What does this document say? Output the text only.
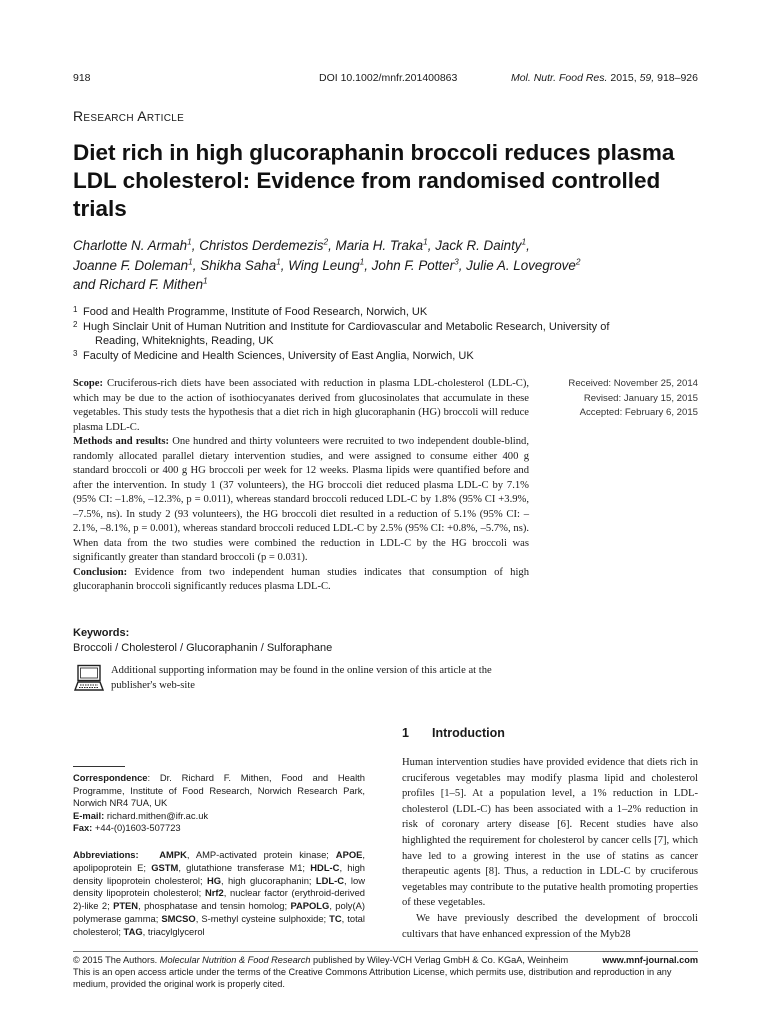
918	DOI 10.1002/mnfr.201400863	Mol. Nutr. Food Res. 2015, 59, 918–926
Research Article
Diet rich in high glucoraphanin broccoli reduces plasma LDL cholesterol: Evidence from randomised controlled trials
Charlotte N. Armah$^1$, Christos Derdemezis$^2$, Maria H. Traka$^1$, Jack R. Dainty$^1$,
Joanne F. Doleman$^1$, Shikha Saha$^1$, Wing Leung$^1$, John F. Potter$^3$, Julie A. Lovegrove$^2$
and Richard F. Mithen$^1$
1 Food and Health Programme, Institute of Food Research, Norwich, UK
2 Hugh Sinclair Unit of Human Nutrition and Institute for Cardiovascular and Metabolic Research, University of
Reading, Whiteknights, Reading, UK
3 Faculty of Medicine and Health Sciences, University of East Anglia, Norwich, UK

Scope: Cruciferous-rich diets have been associated with reduction in plasma LDL-cholesterol (LDL-C), which may be due to the action of isothiocyanates derived from glucosinolates that accumulate in these vegetables. This study tests the hypothesis that a diet rich in high glucoraphanin (HG) broccoli will reduce plasma LDL-C.

Methods and results: One hundred and thirty volunteers were recruited to two independent double-blind, randomly allocated parallel dietary intervention studies, and were assigned to consume either 400 g standard broccoli or 400 g HG broccoli per week for 12 weeks. Plasma lipids were quantified before and after the intervention. In study 1 (37 volunteers), the HG broccoli diet reduced plasma LDL-C by 7.1% (95% CI: –1.8%, –12.3%, p = 0.011), whereas standard broccoli reduced LDL-C by 1.8% (95% CI +3.9%, –7.5%, ns). In study 2 (93 volunteers), the HG broccoli diet resulted in a reduction of 5.1% (95% CI: –2.1%, –8.1%, p = 0.001), whereas standard broccoli reduced LDL-C by 2.5% (95% CI: +0.8%, –5.7%, ns). When data from the two studies were combined the reduction in LDL-C by the HG broccoli was significantly greater than standard broccoli (p = 0.031).

Conclusion: Evidence from two independent human studies indicates that consumption of high glucoraphanin broccoli significantly reduces plasma LDL-C.

Received: November 25, 2014
Revised: January 15, 2015
Accepted: February 6, 2015
Keywords:
Broccoli / Cholesterol / Glucoraphanin / Sulforaphane
Additional supporting information may be found in the online version of this article at the publisher's web-site
1 Introduction

Human intervention studies have provided evidence that diets rich in cruciferous vegetables may modify plasma lipid and cholesterol profiles [1–5]. At a population level, a 1% reduction in LDL-cholesterol (LDL-C) has been associated with a 1–2% reduction in risk of coronary artery disease [6]. Recent studies have also highlighted the requirement for cholesterol by cancer cells [7], which have led to a growing interest in the use of statins as cancer therapeutic agents [8]. Thus, a reduction in LDL-C by cruciferous vegetables may contribute to the putative health promoting properties of these vegetables.

We have previously described the development of broccoli cultivars that have enhanced expression of the Myb28

Correspondence: Dr. Richard F. Mithen, Food and Health Programme, Institute of Food Research, Norwich Research Park, Norwich NR4 7UA, UK

E-mail: richard.mithen@ifr.ac.uk

Fax: +44-(0)1603-507723

Abbreviations: AMPK, AMP-activated protein kinase; APOE, apolipoprotein E; GSTM, glutathione transferase M1; HDL-C, high density lipoprotein cholesterol; HG, high glucoraphanin; LDL-C, low density lipoprotein cholesterol; Nrf2, nuclear factor (erythroid-derived 2)-like 2; PTEN, phosphatase and tensin homolog; PAPOLG, poly(A) polymerase gamma; SMCSO, S-methyl cysteine sulphoxide; TC, total cholesterol; TAG, triacylglycerol
© 2015 The Authors. Molecular Nutrition & Food Research published by Wiley-VCH Verlag GmbH & Co. KGaA, Weinheim	www.mnf-journal.com
This is an open access article under the terms of the Creative Commons Attribution License, which permits use, distribution and reproduction in any medium, provided the original work is properly cited.
